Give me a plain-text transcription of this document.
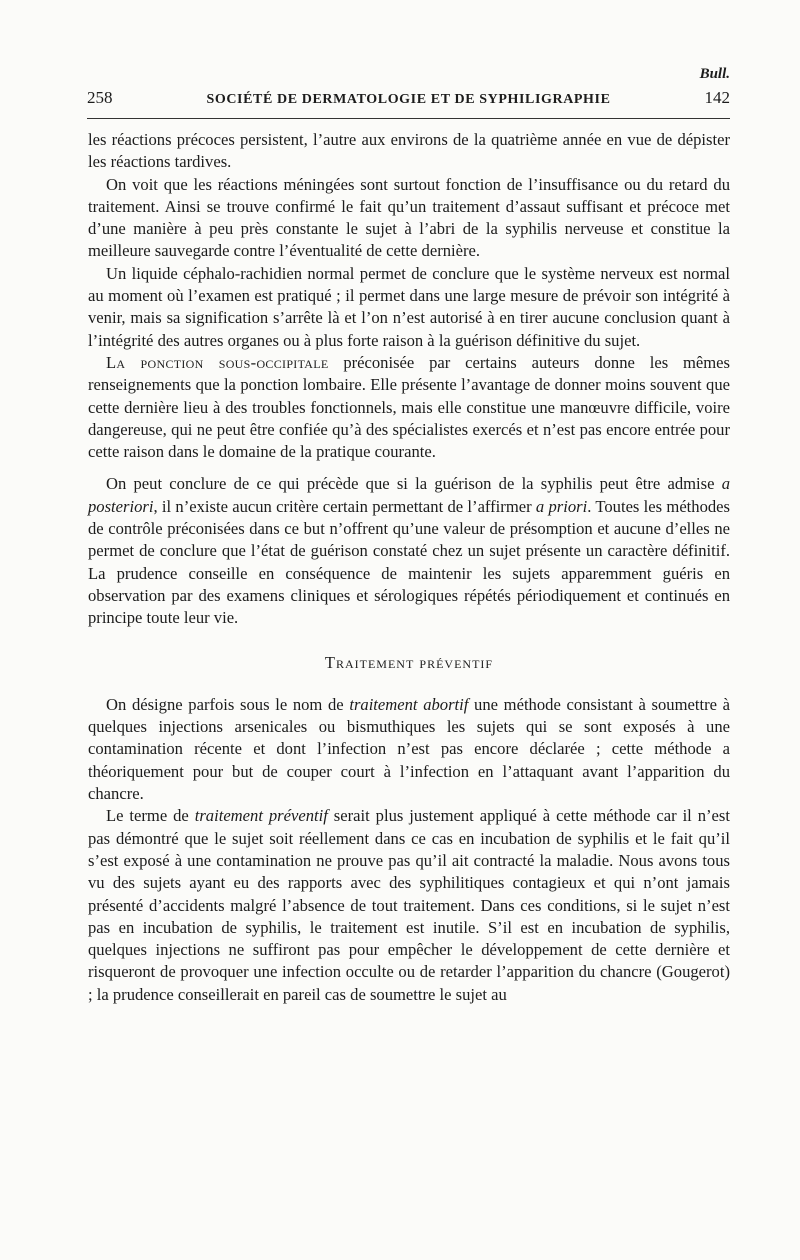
Bull.
258	SOCIÉTÉ DE DERMATOLOGIE ET DE SYPHILIGRAPHIE	142

les réactions précoces persistent, l’autre aux environs de la quatrième année en vue de dépister les réactions tardives.

On voit que les réactions méningées sont surtout fonction de l’insuffisance ou du retard du traitement. Ainsi se trouve confirmé le fait qu’un traitement d’assaut suffisant et précoce met d’une manière à peu près constante le sujet à l’abri de la syphilis nerveuse et constitue la meilleure sauvegarde contre l’éventualité de cette dernière.

Un liquide céphalo-rachidien normal permet de conclure que le système nerveux est normal au moment où l’examen est pratiqué ; il permet dans une large mesure de prévoir son intégrité à venir, mais sa signification s’arrête là et l’on n’est autorisé à en tirer aucune conclusion quant à l’intégrité des autres organes ou à plus forte raison à la guérison définitive du sujet.

La ponction sous-occipitale préconisée par certains auteurs donne les mêmes renseignements que la ponction lombaire. Elle présente l’avantage de donner moins souvent que cette dernière lieu à des troubles fonctionnels, mais elle constitue une manœuvre difficile, voire dangereuse, qui ne peut être confiée qu’à des spécialistes exercés et n’est pas encore entrée pour cette raison dans le domaine de la pratique courante.

On peut conclure de ce qui précède que si la guérison de la syphilis peut être admise a posteriori, il n’existe aucun critère certain permettant de l’affirmer a priori. Toutes les méthodes de contrôle préconisées dans ce but n’offrent qu’une valeur de présomption et aucune d’elles ne permet de conclure que l’état de guérison constaté chez un sujet présente un caractère définitif. La prudence conseille en conséquence de maintenir les sujets apparemment guéris en observation par des examens cliniques et sérologiques répétés périodiquement et continués en principe toute leur vie.

Traitement préventif

On désigne parfois sous le nom de traitement abortif une méthode consistant à soumettre à quelques injections arsenicales ou bismuthiques les sujets qui se sont exposés à une contamination récente et dont l’infection n’est pas encore déclarée ; cette méthode a théoriquement pour but de couper court à l’infection en l’attaquant avant l’apparition du chancre.

Le terme de traitement préventif serait plus justement appliqué à cette méthode car il n’est pas démontré que le sujet soit réellement dans ce cas en incubation de syphilis et le fait qu’il s’est exposé à une contamination ne prouve pas qu’il ait contracté la maladie. Nous avons tous vu des sujets ayant eu des rapports avec des syphilitiques contagieux et qui n’ont jamais présenté d’accidents malgré l’absence de tout traitement. Dans ces conditions, si le sujet n’est pas en incubation de syphilis, le traitement est inutile. S’il est en incubation de syphilis, quelques injections ne suffiront pas pour empêcher le développement de cette dernière et risqueront de provoquer une infection occulte ou de retarder l’apparition du chancre (Gougerot) ; la prudence conseillerait en pareil cas de soumettre le sujet au
